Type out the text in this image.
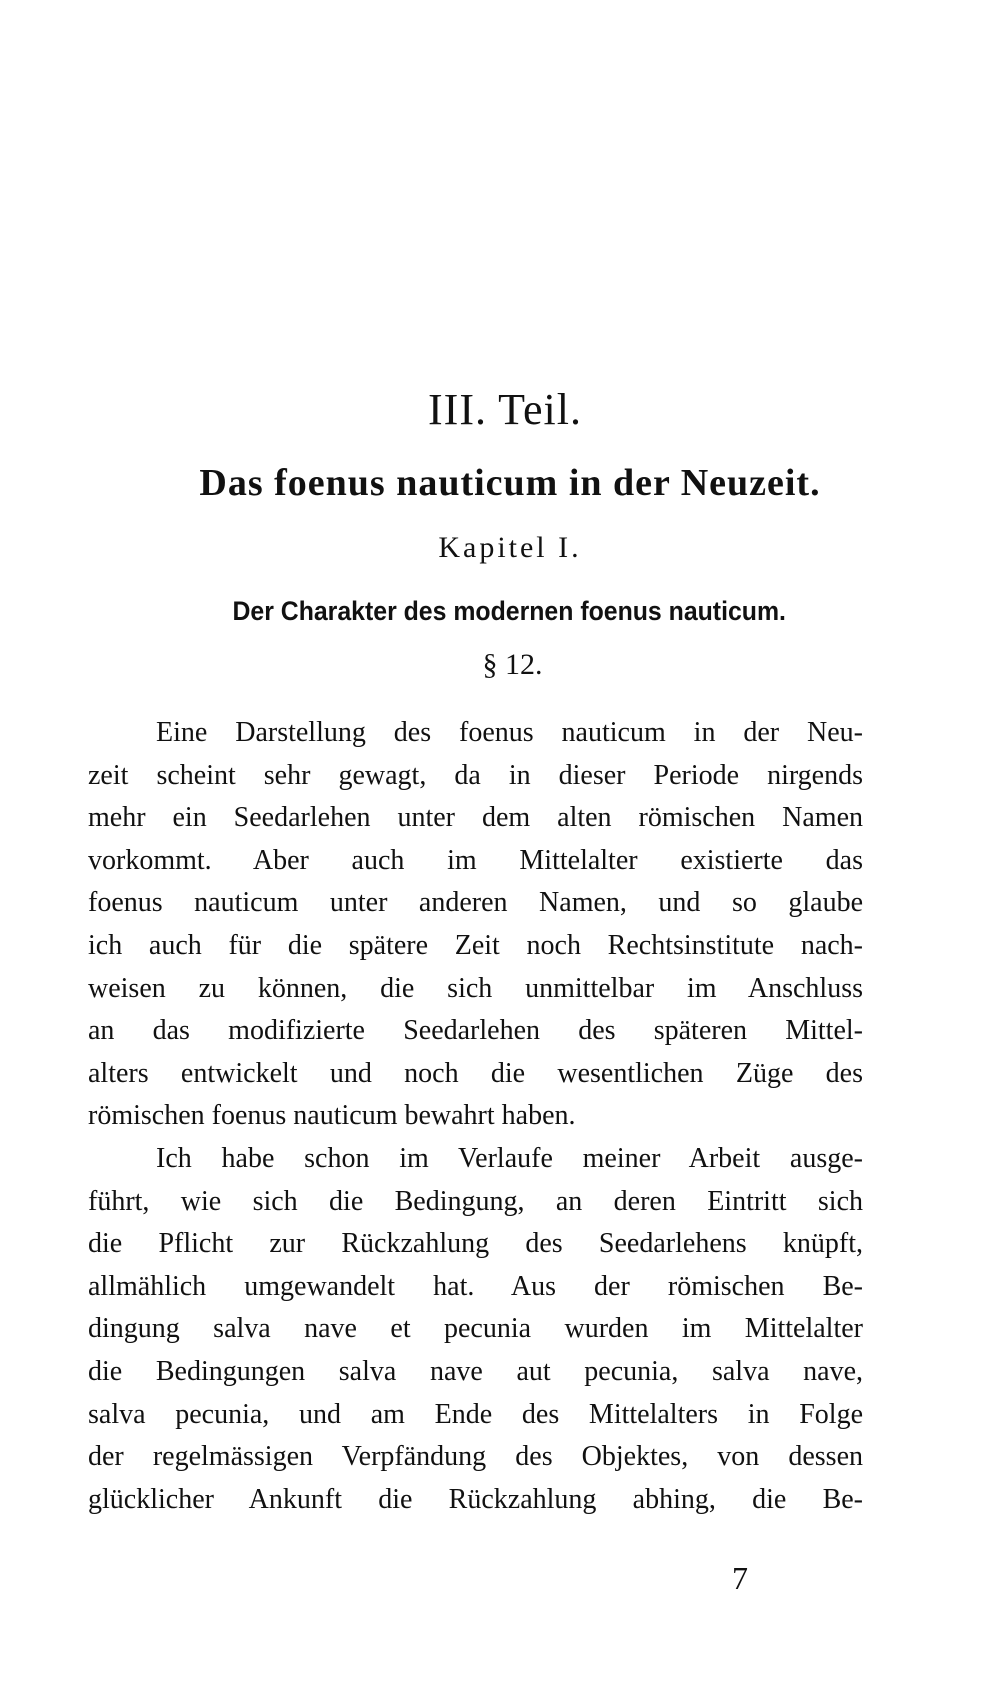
III. Teil.
Das foenus nauticum in der Neuzeit.
Kapitel I.
Der Charakter des modernen foenus nauticum.
§ 12.
Eine Darstellung des foenus nauticum in der Neu-
zeit scheint sehr gewagt, da in dieser Periode nirgends
mehr ein Seedarlehen unter dem alten römischen Namen
vorkommt. Aber auch im Mittelalter existierte das
foenus nauticum unter anderen Namen, und so glaube
ich auch für die spätere Zeit noch Rechtsinstitute nach-
weisen zu können, die sich unmittelbar im Anschluss
an das modifizierte Seedarlehen des späteren Mittel-
alters entwickelt und noch die wesentlichen Züge des
römischen foenus nauticum bewahrt haben.
Ich habe schon im Verlaufe meiner Arbeit ausge-
führt, wie sich die Bedingung, an deren Eintritt sich
die Pflicht zur Rückzahlung des Seedarlehens knüpft,
allmählich umgewandelt hat. Aus der römischen Be-
dingung salva nave et pecunia wurden im Mittelalter
die Bedingungen salva nave aut pecunia, salva nave,
salva pecunia, und am Ende des Mittelalters in Folge
der regelmässigen Verpfändung des Objektes, von dessen
glücklicher Ankunft die Rückzahlung abhing, die Be-
7
